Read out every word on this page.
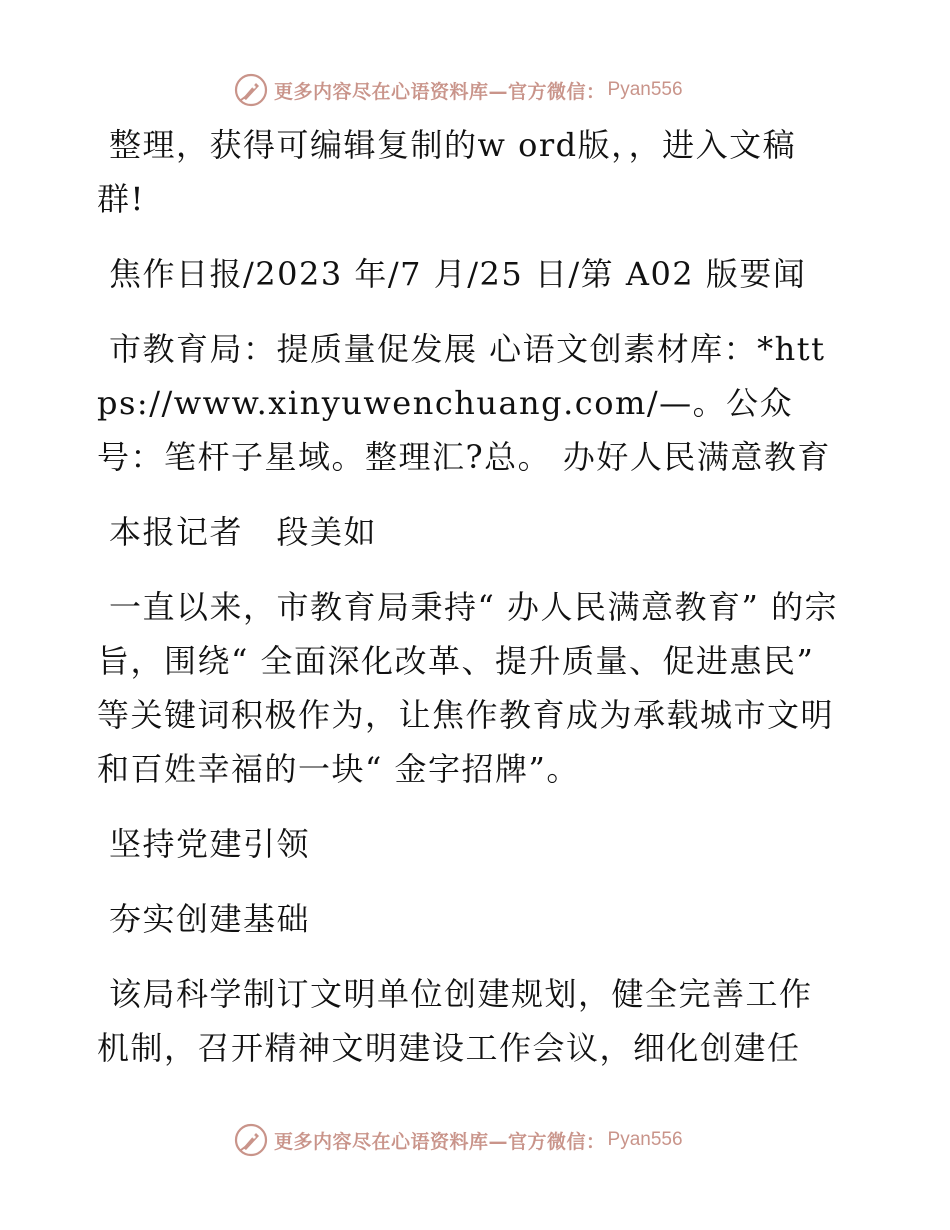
更多内容尽在心语资料库—官方微信： Pyan556

整理，获得可编辑复制的w ord版，，进入文稿群!

焦作日报/2023 年/7 月/25 日/第 A02 版要闻

市教育局：提质量促发展 心语文创素材库：*https://www.xinyuwenchuang.com/—。公众号：笔杆子星域。整理汇?总。 办好人民满意教育

本报记者　段美如

一直以来，市教育局秉持“ 办人民满意教育” 的宗旨，围绕“ 全面深化改革、提升质量、促进惠民” 等关键词积极作为，让焦作教育成为承载城市文明和百姓幸福的一块“ 金字招牌”。

坚持党建引领

夯实创建基础

该局科学制订文明单位创建规划，健全完善工作机制，召开精神文明建设工作会议，细化创建任

更多内容尽在心语资料库—官方微信： Pyan556
